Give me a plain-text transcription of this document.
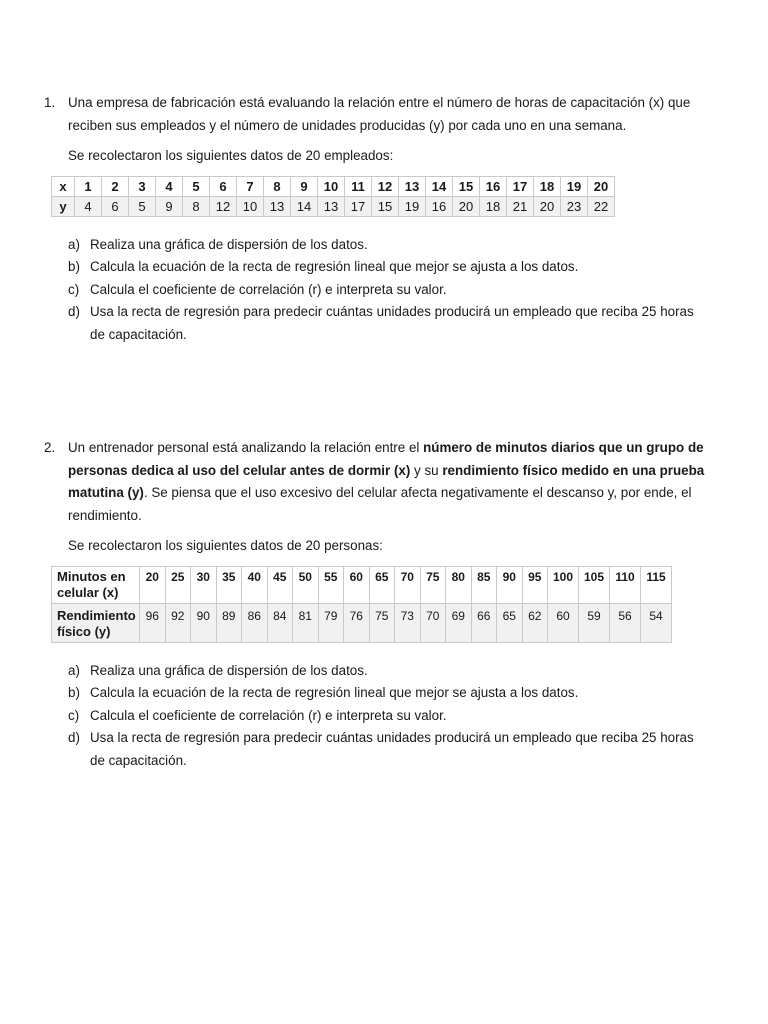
1. Una empresa de fabricación está evaluando la relación entre el número de horas de capacitación (x) que reciben sus empleados y el número de unidades producidas (y) por cada uno en una semana.
Se recolectaron los siguientes datos de 20 empleados:
x	1	2	3	4	5	6	7	8	9	10	11	12	13	14	15	16	17	18	19	20
y	4	6	5	9	8	12	10	13	14	13	17	15	19	16	20	18	21	20	23	22
a) Realiza una gráfica de dispersión de los datos.
b) Calcula la ecuación de la recta de regresión lineal que mejor se ajusta a los datos.
c) Calcula el coeficiente de correlación (r) e interpreta su valor.
d) Usa la recta de regresión para predecir cuántas unidades producirá un empleado que reciba 25 horas de capacitación.
2. Un entrenador personal está analizando la relación entre el número de minutos diarios que un grupo de personas dedica al uso del celular antes de dormir (x) y su rendimiento físico medido en una prueba matutina (y). Se piensa que el uso excesivo del celular afecta negativamente el descanso y, por ende, el rendimiento.
Se recolectaron los siguientes datos de 20 personas:
Minutos en celular (x)	20	25	30	35	40	45	50	55	60	65	70	75	80	85	90	95	100	105	110	115
Rendimiento físico (y)	96	92	90	89	86	84	81	79	76	75	73	70	69	66	65	62	60	59	56	54
a) Realiza una gráfica de dispersión de los datos.
b) Calcula la ecuación de la recta de regresión lineal que mejor se ajusta a los datos.
c) Calcula el coeficiente de correlación (r) e interpreta su valor.
d) Usa la recta de regresión para predecir cuántas unidades producirá un empleado que reciba 25 horas de capacitación.
